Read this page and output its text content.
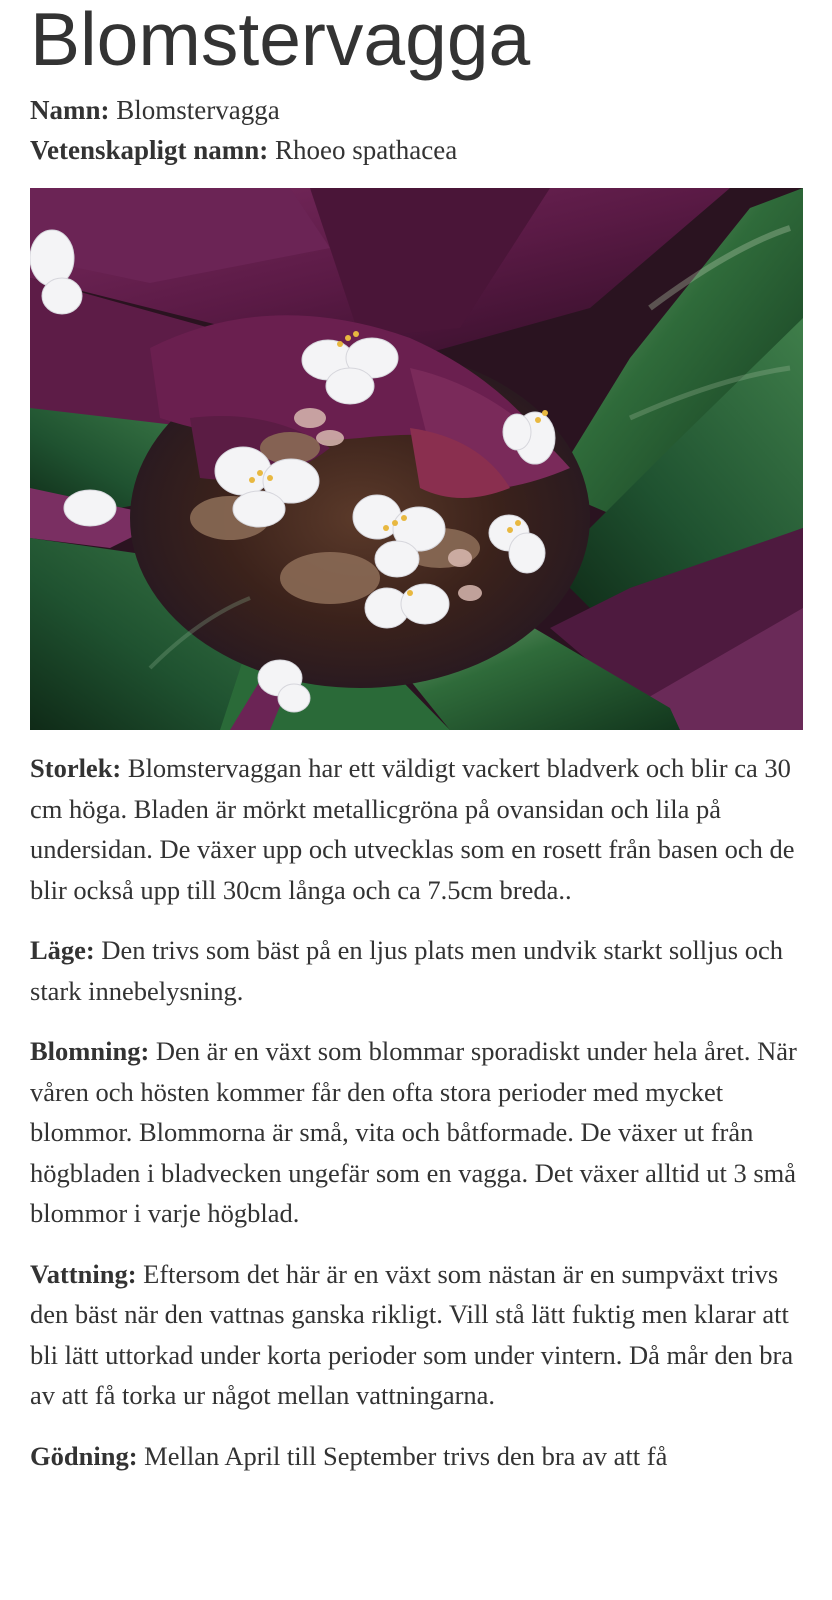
Blomstervagga
Namn: Blomstervagga
Vetenskapligt namn: Rhoeo spathacea

Storlek: Blomstervaggan har ett väldigt vackert bladverk och blir ca 30 cm höga. Bladen är mörkt metallicgröna på ovansidan och lila på undersidan. De växer upp och utvecklas som en rosett från basen och de blir också upp till 30cm långa och ca 7.5cm breda..

Läge: Den trivs som bäst på en ljus plats men undvik starkt solljus och stark innebelysning.

Blomning: Den är en växt som blommar sporadiskt under hela året. När våren och hösten kommer får den ofta stora perioder med mycket blommor. Blommorna är små, vita och båtformade. De växer ut från högbladen i bladvecken ungefär som en vagga. Det växer alltid ut 3 små blommor i varje högblad.

Vattning: Eftersom det här är en växt som nästan är en sumpväxt trivs den bäst när den vattnas ganska rikligt. Vill stå lätt fuktig men klarar att bli lätt uttorkad under korta perioder som under vintern. Då mår den bra av att få torka ur något mellan vattningarna.

Gödning: Mellan April till September trivs den bra av att få
